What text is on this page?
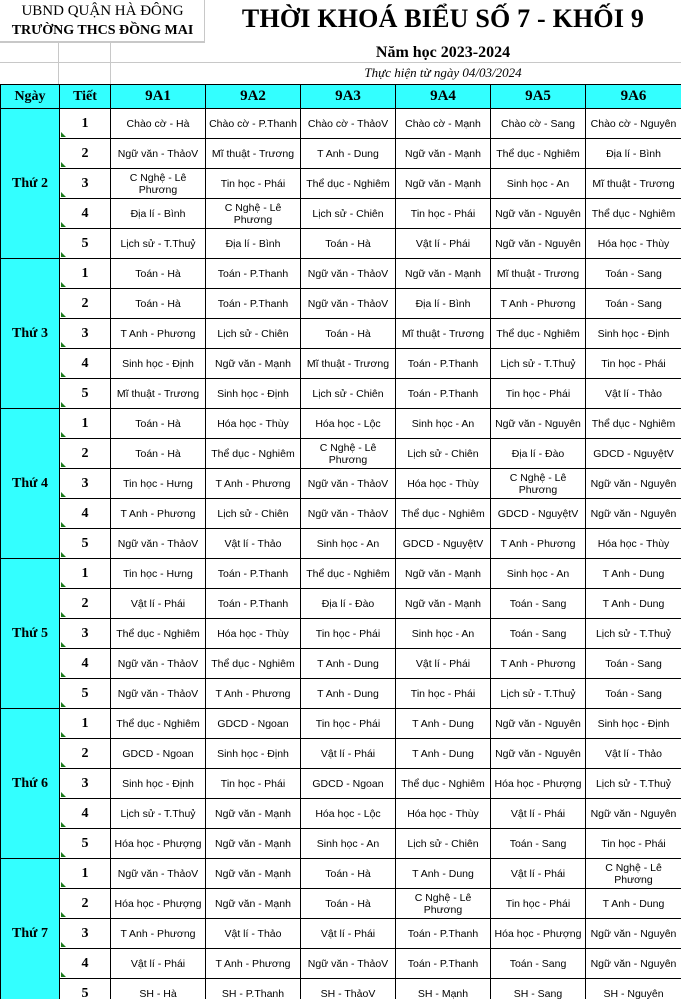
UBND QUẬN HÀ ĐÔNG
TRƯỜNG THCS ĐỒNG MAI	THỜI KHOÁ BIỂU SỐ 7 - KHỐI 9
Năm học 2023-2024
Thực hiện từ ngày 04/03/2024
Ngày	Tiết	9A1	9A2	9A3	9A4	9A5	9A6
Thứ 2	1	Chào cờ - Hà	Chào cờ - P.Thanh	Chào cờ - ThảoV	Chào cờ - Mạnh	Chào cờ - Sang	Chào cờ - Nguyên
	2	Ngữ văn - ThảoV	Mĩ thuật - Trương	T Anh - Dung	Ngữ văn - Mạnh	Thể dục - Nghiêm	Địa lí - Bình
	3	C Nghệ - Lê Phương	Tin học - Phái	Thể dục - Nghiêm	Ngữ văn - Mạnh	Sinh học - An	Mĩ thuật - Trương
	4	Địa lí - Bình	C Nghệ - Lê Phương	Lịch sử - Chiên	Tin học - Phái	Ngữ văn - Nguyên	Thể dục - Nghiêm
	5	Lịch sử - T.Thuỷ	Địa lí - Bình	Toán - Hà	Vật lí - Phái	Ngữ văn - Nguyên	Hóa học - Thùy
Thứ 3	1	Toán - Hà	Toán - P.Thanh	Ngữ văn - ThảoV	Ngữ văn - Mạnh	Mĩ thuật - Trương	Toán - Sang
	2	Toán - Hà	Toán - P.Thanh	Ngữ văn - ThảoV	Địa lí - Bình	T Anh - Phương	Toán - Sang
	3	T Anh - Phương	Lịch sử - Chiên	Toán - Hà	Mĩ thuật - Trương	Thể dục - Nghiêm	Sinh học - Định
	4	Sinh học - Định	Ngữ văn - Mạnh	Mĩ thuật - Trương	Toán - P.Thanh	Lịch sử - T.Thuỷ	Tin học - Phái
	5	Mĩ thuật - Trương	Sinh học - Định	Lịch sử - Chiên	Toán - P.Thanh	Tin học - Phái	Vật lí - Thảo
Thứ 4	1	Toán - Hà	Hóa học - Thùy	Hóa học - Lộc	Sinh học - An	Ngữ văn - Nguyên	Thể dục - Nghiêm
	2	Toán - Hà	Thể dục - Nghiêm	C Nghệ - Lê Phương	Lịch sử - Chiên	Địa lí - Đào	GDCD - NguyệtV
	3	Tin học - Hưng	T Anh - Phương	Ngữ văn - ThảoV	Hóa học - Thùy	C Nghệ - Lê Phương	Ngữ văn - Nguyên
	4	T Anh - Phương	Lịch sử - Chiên	Ngữ văn - ThảoV	Thể dục - Nghiêm	GDCD - NguyệtV	Ngữ văn - Nguyên
	5	Ngữ văn - ThảoV	Vật lí - Thảo	Sinh học - An	GDCD - NguyệtV	T Anh - Phương	Hóa học - Thùy
Thứ 5	1	Tin học - Hưng	Toán - P.Thanh	Thể dục - Nghiêm	Ngữ văn - Mạnh	Sinh học - An	T Anh - Dung
	2	Vật lí - Phái	Toán - P.Thanh	Địa lí - Đào	Ngữ văn - Mạnh	Toán - Sang	T Anh - Dung
	3	Thể dục - Nghiêm	Hóa học - Thùy	Tin học - Phái	Sinh học - An	Toán - Sang	Lịch sử - T.Thuỷ
	4	Ngữ văn - ThảoV	Thể dục - Nghiêm	T Anh - Dung	Vật lí - Phái	T Anh - Phương	Toán - Sang
	5	Ngữ văn - ThảoV	T Anh - Phương	T Anh - Dung	Tin học - Phái	Lịch sử - T.Thuỷ	Toán - Sang
Thứ 6	1	Thể dục - Nghiêm	GDCD - Ngoan	Tin học - Phái	T Anh - Dung	Ngữ văn - Nguyên	Sinh học - Định
	2	GDCD - Ngoan	Sinh học - Định	Vật lí - Phái	T Anh - Dung	Ngữ văn - Nguyên	Vật lí - Thảo
	3	Sinh học - Định	Tin học - Phái	GDCD - Ngoan	Thể dục - Nghiêm	Hóa học - Phượng	Lịch sử - T.Thuỷ
	4	Lịch sử - T.Thuỷ	Ngữ văn - Mạnh	Hóa học - Lộc	Hóa học - Thùy	Vật lí - Phái	Ngữ văn - Nguyên
	5	Hóa học - Phượng	Ngữ văn - Mạnh	Sinh học - An	Lịch sử - Chiên	Toán - Sang	Tin học - Phái
Thứ 7	1	Ngữ văn - ThảoV	Ngữ văn - Mạnh	Toán - Hà	T Anh - Dung	Vật lí - Phái	C Nghệ - Lê Phương
	2	Hóa học - Phượng	Ngữ văn - Mạnh	Toán - Hà	C Nghệ - Lê Phương	Tin học - Phái	T Anh - Dung
	3	T Anh - Phương	Vật lí - Thảo	Vật lí - Phái	Toán - P.Thanh	Hóa học - Phượng	Ngữ văn - Nguyên
	4	Vật lí - Phái	T Anh - Phương	Ngữ văn - ThảoV	Toán - P.Thanh	Toán - Sang	Ngữ văn - Nguyên
	5	SH - Hà	SH - P.Thanh	SH - ThảoV	SH - Mạnh	SH - Sang	SH - Nguyên
